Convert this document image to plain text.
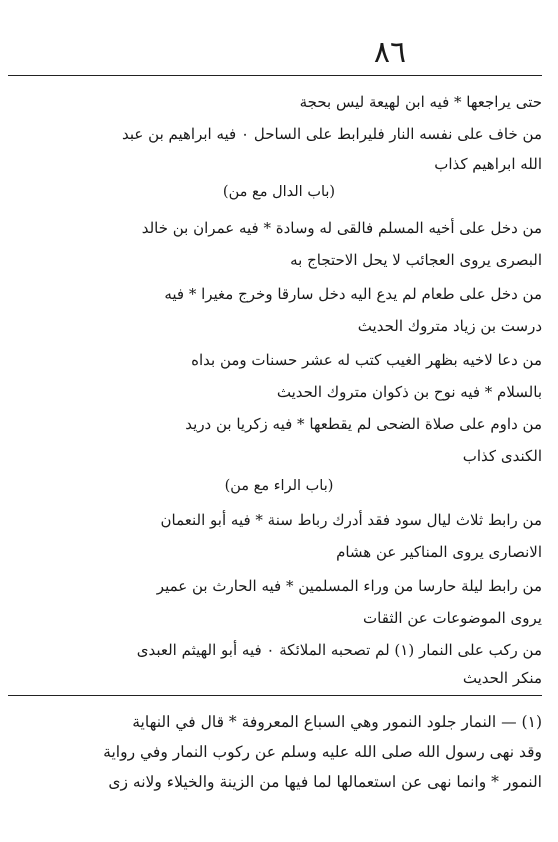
٨٦
حتى يراجعها * فيه ابن لهيعة ليس بحجة
من خاف على نفسه النار فليرابط على الساحل ٠ فيه ابراهيم بن عبد
الله ابراهيم كذاب
(باب الدال مع من)
من دخل على أخيه المسلم فالقى له وسادة * فيه عمران بن خالد
البصرى يروى العجائب لا يحل الاحتجاج به
من دخل على طعام لم يدع اليه دخل سارقا وخرج مغيرا * فيه
درست بن زياد متروك الحديث
من دعا لاخيه بظهر الغيب كتب له عشر حسنات ومن بداه
بالسلام * فيه نوح بن ذكوان متروك الحديث
من داوم على صلاة الضحى لم يقطعها * فيه زكريا بن دريد
الكندى كذاب
(باب الراء مع من)
من رابط ثلاث ليال سود فقد أدرك رباط سنة * فيه أبو النعمان
الانصارى يروى المناكير عن هشام
من رابط ليلة حارسا من وراء المسلمين * فيه الحارث بن عمير
يروى الموضوعات عن الثقات
من ركب على النمار (١) لم تصحبه الملائكة ٠ فيه أبو الهيثم العبدى
منكر الحديث
(١) — النمار جلود النمور وهي السباع المعروفة * قال في النهاية
وقد نهى رسول الله صلى الله عليه وسلم عن ركوب النمار وفي رواية
النمور * وانما نهى عن استعمالها لما فيها من الزينة والخيلاء ولانه زى
